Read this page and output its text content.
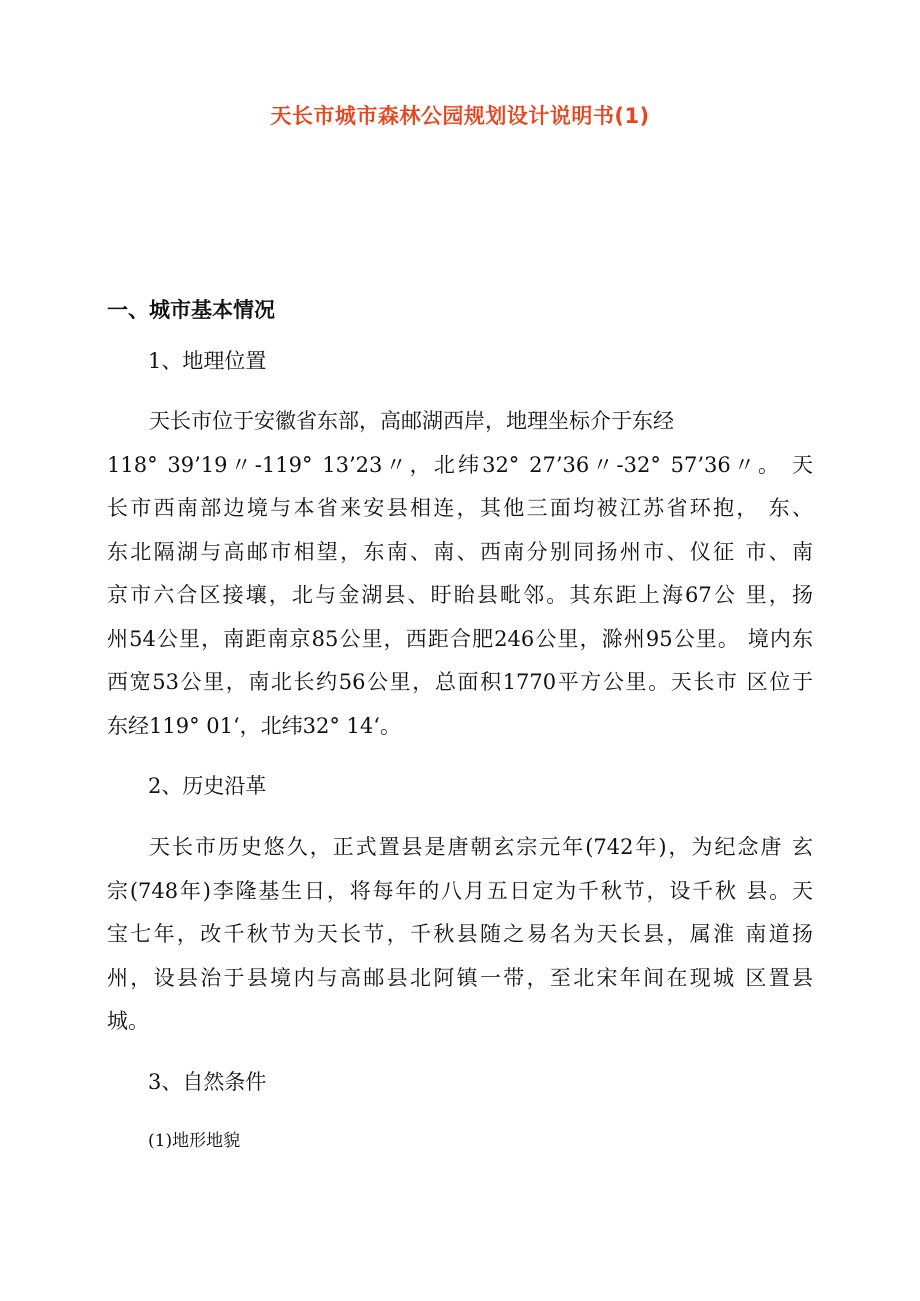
天长市城市森林公园规划设计说明书(1)
一、城市基本情况
1、地理位置
天长市位于安徽省东部，高邮湖西岸，地理坐标介于东经
118° 39’19〃-119° 13’23〃，北纬32° 27’36〃-32° 57’36〃。 天
长市西南部边境与本省来安县相连，其他三面均被江苏省环抱， 东、
东北隔湖与高邮市相望，东南、南、西南分别同扬州市、仪征 市、南
京市六合区接壤，北与金湖县、盱眙县毗邻。其东距上海67公 里，扬
州54公里，南距南京85公里，西距合肥246公里，滁州95公里。 境内东
西宽53公里，南北长约56公里，总面积1770平方公里。天长市 区位于
东经119° 01‘，北纬32° 14‘。
2、历史沿革
天长市历史悠久，正式置县是唐朝玄宗元年(742年)，为纪念唐 玄
宗(748年)李隆基生日，将每年的八月五日定为千秋节，设千秋 县。天
宝七年，改千秋节为天长节，千秋县随之易名为天长县，属淮 南道扬
州，设县治于县境内与高邮县北阿镇一带，至北宋年间在现城 区置县
城。
3、自然条件
(1)地形地貌
